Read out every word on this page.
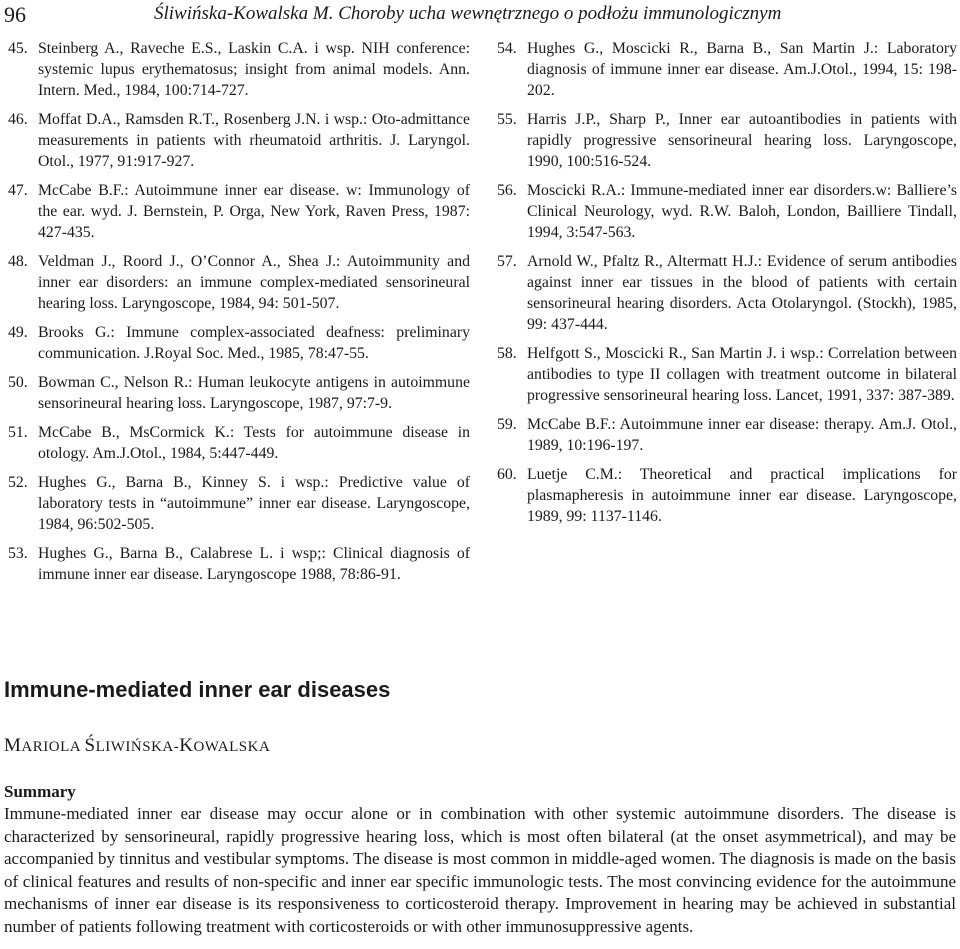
96	Śliwińska-Kowalska M. Choroby ucha wewnętrznego o podłożu immunologicznym
45. Steinberg A., Raveche E.S., Laskin C.A. i wsp. NIH conference: systemic lupus erythematosus; insight from animal models. Ann. Intern. Med., 1984, 100:714-727.
46. Moffat D.A., Ramsden R.T., Rosenberg J.N. i wsp.: Oto-admittance measurements in patients with rheumatoid arthritis. J. Laryngol. Otol., 1977, 91:917-927.
47. McCabe B.F.: Autoimmune inner ear disease. w: Immunology of the ear. wyd. J. Bernstein, P. Orga, New York, Raven Press, 1987: 427-435.
48. Veldman J., Roord J., O’Connor A., Shea J.: Autoimmunity and inner ear disorders: an immune complex-mediated sensorineural hearing loss. Laryngoscope, 1984, 94: 501-507.
49. Brooks G.: Immune complex-associated deafness: preliminary communication. J.Royal Soc. Med., 1985, 78:47-55.
50. Bowman C., Nelson R.: Human leukocyte antigens in autoimmune sensorineural hearing loss. Laryngoscope, 1987, 97:7-9.
51. McCabe B., MsCormick K.: Tests for autoimmune disease in otology. Am.J.Otol., 1984, 5:447-449.
52. Hughes G., Barna B., Kinney S. i wsp.: Predictive value of laboratory tests in “autoimmune” inner ear disease. Laryngoscope, 1984, 96:502-505.
53. Hughes G., Barna B., Calabrese L. i wsp;: Clinical diagnosis of immune inner ear disease. Laryngoscope 1988, 78:86-91.
54. Hughes G., Moscicki R., Barna B., San Martin J.: Laboratory diagnosis of immune inner ear disease. Am.J.Otol., 1994, 15: 198-202.
55. Harris J.P., Sharp P., Inner ear autoantibodies in patients with rapidly progressive sensorineural hearing loss. Laryngoscope, 1990, 100:516-524.
56. Moscicki R.A.: Immune-mediated inner ear disorders.w: Balliere’s Clinical Neurology, wyd. R.W. Baloh, London, Bailliere Tindall, 1994, 3:547-563.
57. Arnold W., Pfaltz R., Altermatt H.J.: Evidence of serum antibodies against inner ear tissues in the blood of patients with certain sensorineural hearing disorders. Acta Otolaryngol. (Stockh), 1985, 99: 437-444.
58. Helfgott S., Moscicki R., San Martin J. i wsp.: Correlation between antibodies to type II collagen with treatment outcome in bilateral progressive sensorineural hearing loss. Lancet, 1991, 337: 387-389.
59. McCabe B.F.: Autoimmune inner ear disease: therapy. Am.J. Otol., 1989, 10:196-197.
60. Luetje C.M.: Theoretical and practical implications for plasmapheresis in autoimmune inner ear disease. Laryngoscope, 1989, 99: 1137-1146.
Immune-mediated inner ear diseases
MARIOLA ŚLIWIŃSKA-KOWALSKA
Summary
Immune-mediated inner ear disease may occur alone or in combination with other systemic autoimmune disorders. The disease is characterized by sensorineural, rapidly progressive hearing loss, which is most often bilateral (at the onset asymmetrical), and may be accompanied by tinnitus and vestibular symptoms. The disease is most common in middle-aged women. The diagnosis is made on the basis of clinical features and results of non-specific and inner ear specific immunologic tests. The most convincing evidence for the autoimmune mechanisms of inner ear disease is its responsiveness to corticosteroid therapy. Improvement in hearing may be achieved in substantial number of patients following treatment with corticosteroids or with other immunosuppressive agents.
